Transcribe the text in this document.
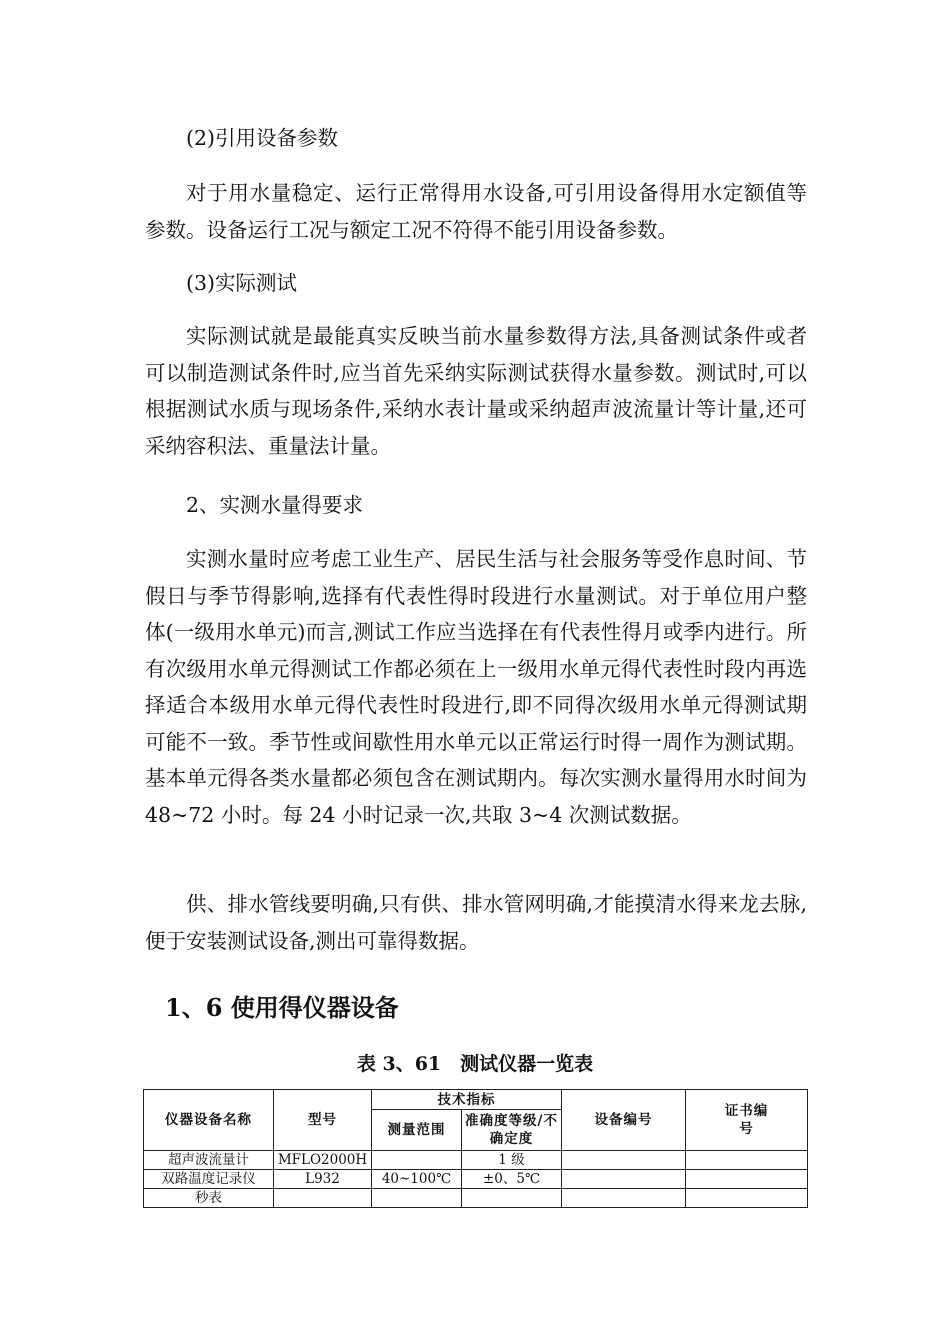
(2)引用设备参数

对于用水量稳定、运行正常得用水设备,可引用设备得用水定额值等参数。设备运行工况与额定工况不符得不能引用设备参数。

(3)实际测试

实际测试就是最能真实反映当前水量参数得方法,具备测试条件或者可以制造测试条件时,应当首先采纳实际测试获得水量参数。测试时,可以根据测试水质与现场条件,采纳水表计量或采纳超声波流量计等计量,还可采纳容积法、重量法计量。

2、实测水量得要求

实测水量时应考虑工业生产、居民生活与社会服务等受作息时间、节假日与季节得影响,选择有代表性得时段进行水量测试。对于单位用户整体(一级用水单元)而言,测试工作应当选择在有代表性得月或季内进行。所有次级用水单元得测试工作都必须在上一级用水单元得代表性时段内再选择适合本级用水单元得代表性时段进行,即不同得次级用水单元得测试期可能不一致。季节性或间歇性用水单元以正常运行时得一周作为测试期。基本单元得各类水量都必须包含在测试期内。每次实测水量得用水时间为 48~72 小时。每 24 小时记录一次,共取 3~4 次测试数据。

供、排水管线要明确,只有供、排水管网明确,才能摸清水得来龙去脉,便于安装测试设备,测出可靠得数据。

1、6 使用得仪器设备

表 3、61　测试仪器一览表

仪器设备名称	型号	技术指标		设备编号	证书编号
		测量范围	准确度等级/不确定度		
超声波流量计	MFLO2000H		1 级		
双路温度记录仪	L932	40~100℃	±0、5℃		
秒表					
